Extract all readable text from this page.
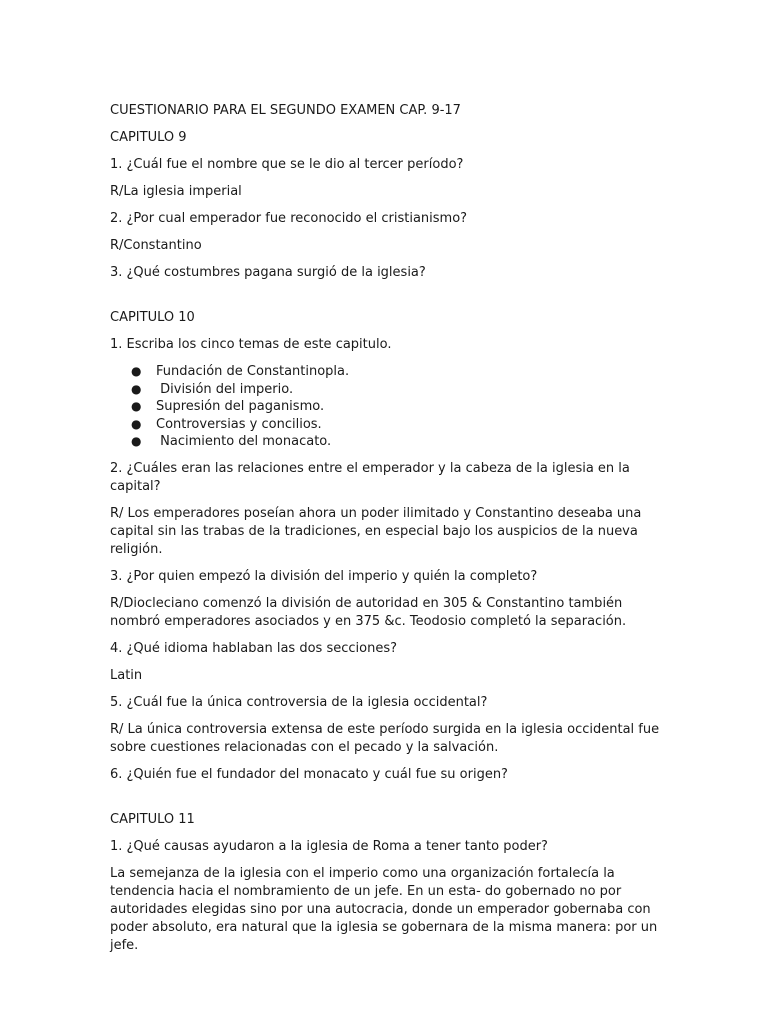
CUESTIONARIO PARA EL SEGUNDO EXAMEN CAP. 9-17

CAPITULO 9

1. ¿Cuál fue el nombre que se le dio al tercer período?

R/La iglesia imperial

2. ¿Por cual emperador fue reconocido el cristianismo?

R/Constantino

3. ¿Qué costumbres pagana surgió de la iglesia?

CAPITULO 10

1. Escriba los cinco temas de este capitulo.

● Fundación de Constantinopla.
● División del imperio.
● Supresión del paganismo.
● Controversias y concilios.
● Nacimiento del monacato.

2. ¿Cuáles eran las relaciones entre el emperador y la cabeza de la iglesia en la capital?

R/ Los emperadores poseían ahora un poder ilimitado y Constantino deseaba una capital sin las trabas de la tradiciones, en especial bajo los auspicios de la nueva religión.

3. ¿Por quien empezó la división del imperio y quién la completo?

R/Diocleciano comenzó la división de autoridad en 305 & Constantino también nombró emperadores asociados y en 375 &c. Teodosio completó la separación.

4. ¿Qué idioma hablaban las dos secciones?

Latin

5. ¿Cuál fue la única controversia de la iglesia occidental?

R/ La única controversia extensa de este período surgida en la iglesia occidental fue sobre cuestiones relacionadas con el pecado y la salvación.

6. ¿Quién fue el fundador del monacato y cuál fue su origen?

CAPITULO 11

1. ¿Qué causas ayudaron a la iglesia de Roma a tener tanto poder?

La semejanza de la iglesia con el imperio como una organización fortalecía la tendencia hacia el nombramiento de un jefe. En un esta- do gobernado no por autoridades elegidas sino por una autocracia, donde un emperador gobernaba con poder absoluto, era natural que la iglesia se gobernara de la misma manera: por un jefe.
